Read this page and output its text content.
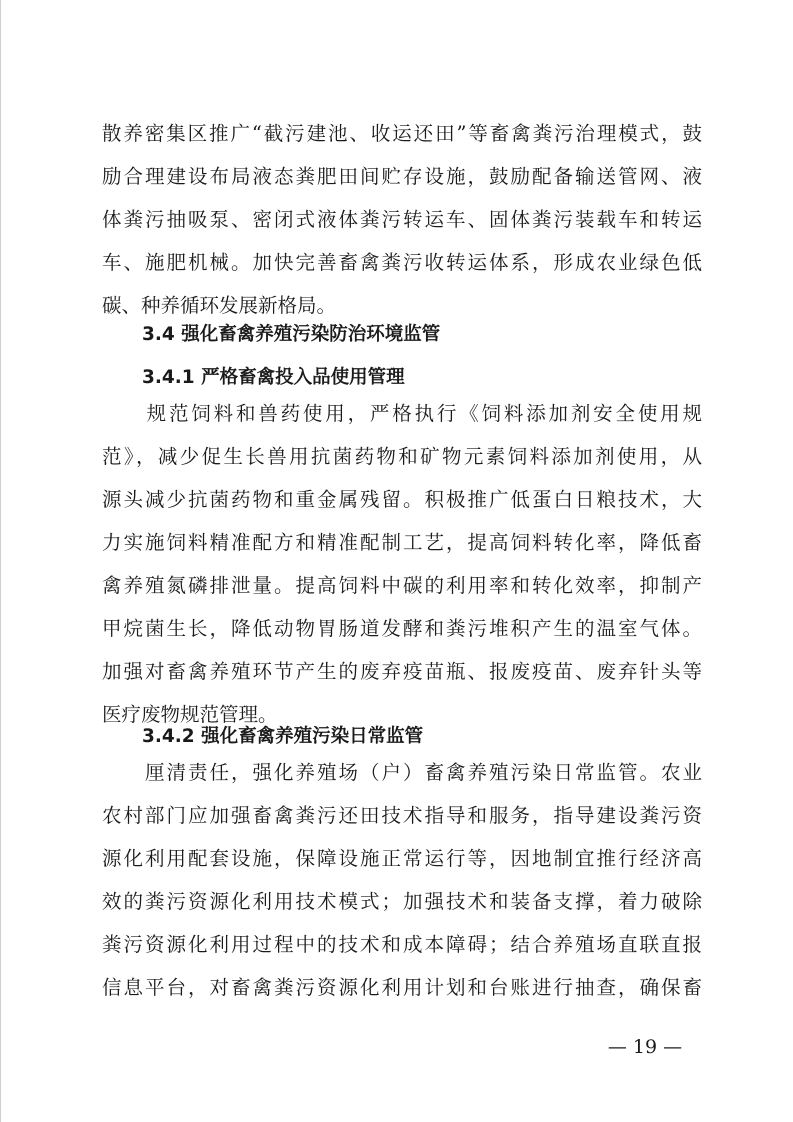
散养密集区推广“截污建池、收运还田”等畜禽粪污治理模式，鼓
励合理建设布局液态粪肥田间贮存设施，鼓励配备输送管网、液
体粪污抽吸泵、密闭式液体粪污转运车、固体粪污装载车和转运
车、施肥机械。加快完善畜禽粪污收转运体系，形成农业绿色低
碳、种养循环发展新格局。
3.4 强化畜禽养殖污染防治环境监管
3.4.1 严格畜禽投入品使用管理
　　规范饲料和兽药使用，严格执行《饲料添加剂安全使用规
范》，减少促生长兽用抗菌药物和矿物元素饲料添加剂使用，从
源头减少抗菌药物和重金属残留。积极推广低蛋白日粮技术，大
力实施饲料精准配方和精准配制工艺，提高饲料转化率，降低畜
禽养殖氮磷排泄量。提高饲料中碳的利用率和转化效率，抑制产
甲烷菌生长，降低动物胃肠道发酵和粪污堆积产生的温室气体。
加强对畜禽养殖环节产生的废弃疫苗瓶、报废疫苗、废弃针头等
医疗废物规范管理。
3.4.2 强化畜禽养殖污染日常监管
　　厘清责任，强化养殖场（户）畜禽养殖污染日常监管。农业
农村部门应加强畜禽粪污还田技术指导和服务，指导建设粪污资
源化利用配套设施，保障设施正常运行等，因地制宜推行经济高
效的粪污资源化利用技术模式；加强技术和装备支撑，着力破除
粪污资源化利用过程中的技术和成本障碍；结合养殖场直联直报
信息平台，对畜禽粪污资源化利用计划和台账进行抽查，确保畜
— 19 —
